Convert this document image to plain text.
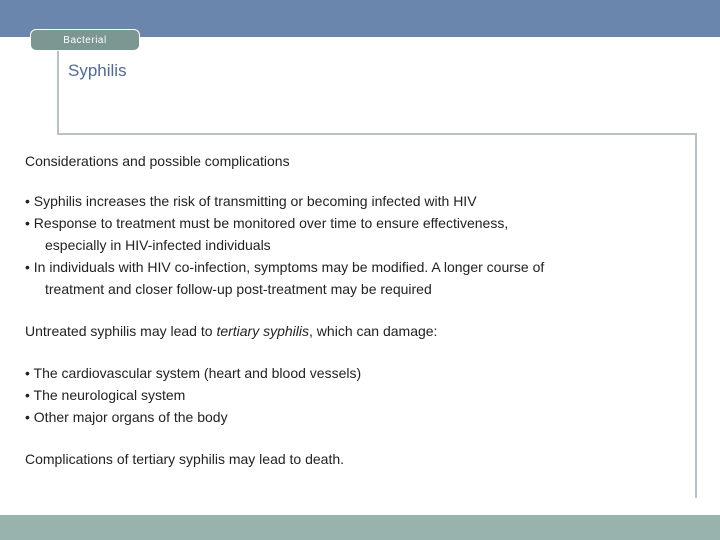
Bacterial
Syphilis

Considerations and possible complications

• Syphilis increases the risk of transmitting or becoming infected with HIV

• Response to treatment must be monitored over time to ensure effectiveness,
especially in HIV-infected individuals

• In individuals with HIV co-infection, symptoms may be modified. A longer course of
treatment and closer follow-up post-treatment may be required

Untreated syphilis may lead to tertiary syphilis, which can damage:

• The cardiovascular system (heart and blood vessels)

• The neurological system

• Other major organs of the body

Complications of tertiary syphilis may lead to death.
